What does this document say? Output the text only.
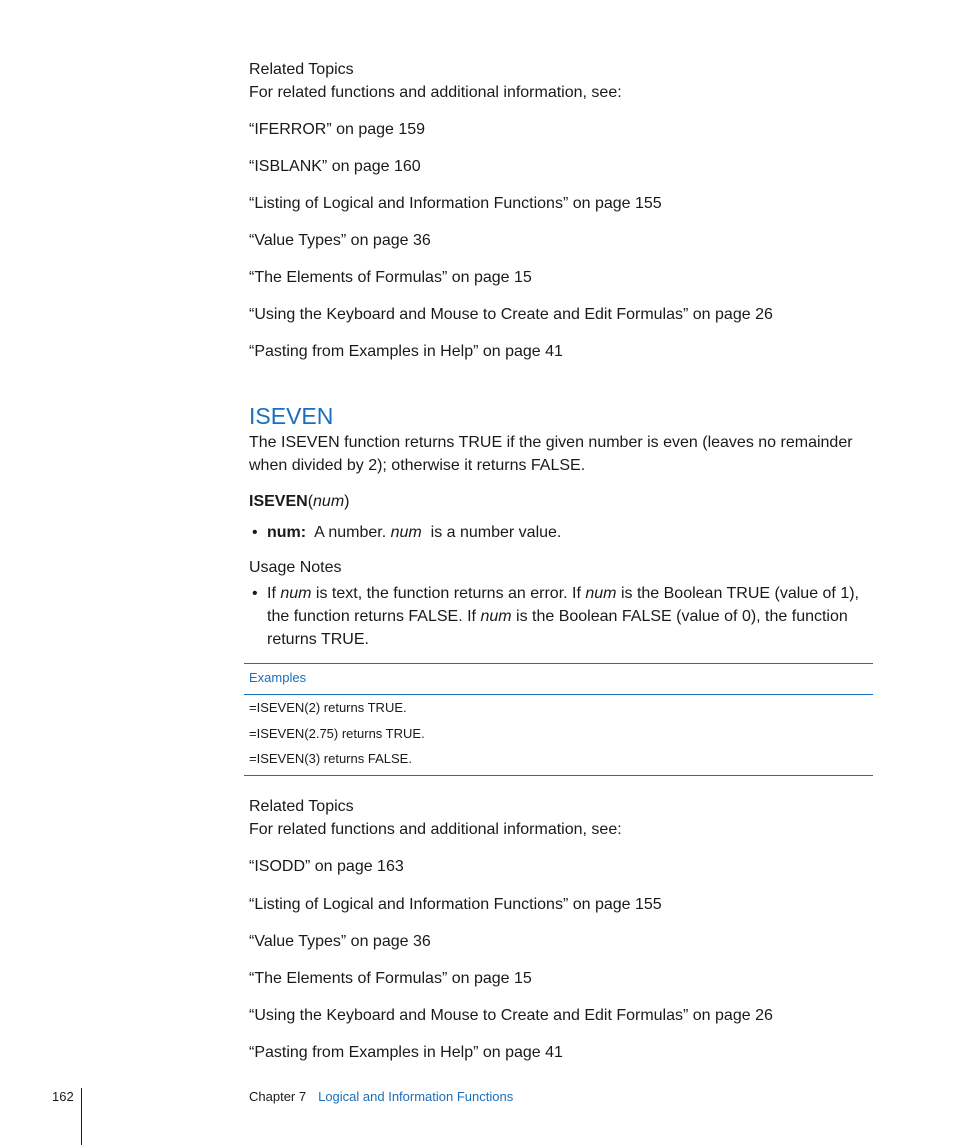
Related Topics
For related functions and additional information, see:
“IFERROR” on page 159
“ISBLANK” on page 160
“Listing of Logical and Information Functions” on page 155
“Value Types” on page 36
“The Elements of Formulas” on page 15
“Using the Keyboard and Mouse to Create and Edit Formulas” on page 26
“Pasting from Examples in Help” on page 41
ISEVEN
The ISEVEN function returns TRUE if the given number is even (leaves no remainder when divided by 2); otherwise it returns FALSE.
ISEVEN(num)
• num: A number. num is a number value.
Usage Notes
• If num is text, the function returns an error. If num is the Boolean TRUE (value of 1), the function returns FALSE. If num is the Boolean FALSE (value of 0), the function returns TRUE.
Examples
=ISEVEN(2) returns TRUE.
=ISEVEN(2.75) returns TRUE.
=ISEVEN(3) returns FALSE.
Related Topics
For related functions and additional information, see:
“ISODD” on page 163
“Listing of Logical and Information Functions” on page 155
“Value Types” on page 36
“The Elements of Formulas” on page 15
“Using the Keyboard and Mouse to Create and Edit Formulas” on page 26
“Pasting from Examples in Help” on page 41
162	Chapter 7 Logical and Information Functions
